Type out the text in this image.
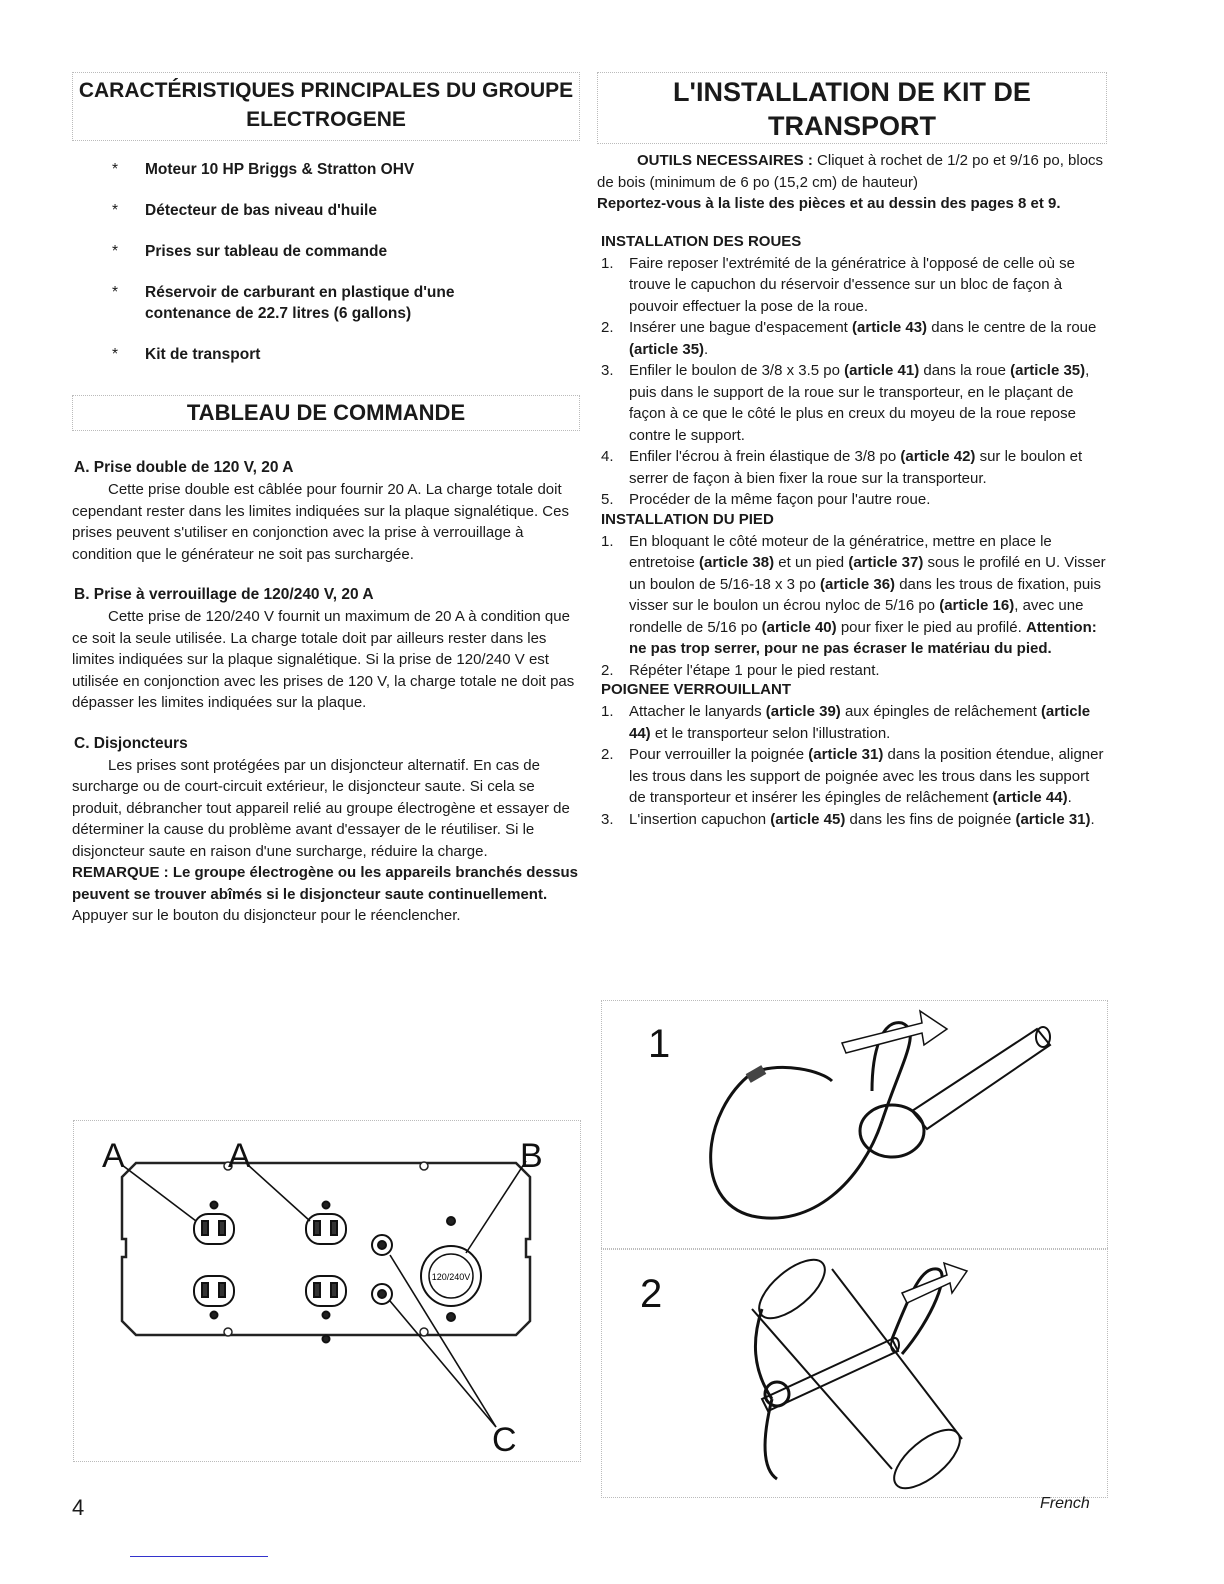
CARACTÉRISTIQUES PRINCIPALES DU GROUPE ELECTROGENE
* Moteur 10 HP Briggs & Stratton OHV
* Détecteur de bas niveau d'huile
* Prises sur tableau de commande
* Réservoir de carburant en plastique d'une contenance de 22.7 litres (6 gallons)
* Kit de transport
TABLEAU DE COMMANDE
A. Prise double de 120 V, 20 A

Cette prise double est câblée pour fournir 20 A. La charge totale doit cependant rester dans les limites indiquées sur la plaque signalétique. Ces prises peuvent s'utiliser en conjonction avec la prise à verrouillage à condition que le générateur ne soit pas surchargée.

B. Prise à verrouillage de 120/240 V, 20 A

Cette prise de 120/240 V fournit un maximum de 20 A à condition que ce soit la seule utilisée. La charge totale doit par ailleurs rester dans les limites indiquées sur la plaque signalétique. Si la prise de 120/240 V est utilisée en conjonction avec les prises de 120 V, la charge totale ne doit pas dépasser les limites indiquées sur la plaque.

C. Disjoncteurs

Les prises sont protégées par un disjoncteur alternatif. En cas de surcharge ou de court-circuit extérieur, le disjoncteur saute. Si cela se produit, débrancher tout appareil relié au groupe électrogène et essayer de déterminer la cause du problème avant d'essayer de le réutiliser. Si le disjoncteur saute en raison d'une surcharge, réduire la charge.

REMARQUE : Le groupe électrogène ou les appareils branchés dessus peuvent se trouver abîmés si le disjoncteur saute continuellement. Appuyer sur le bouton du disjoncteur pour le réenclencher.

120/240V
A	A	B
C
L'INSTALLATION DE KIT DE
TRANSPORT

OUTILS NECESSAIRES : Cliquet à rochet de 1/2 po et 9/16 po, blocs de bois (minimum de 6 po (15,2 cm) de hauteur)

Reportez-vous à la liste des pièces et au dessin des pages 8 et 9.

INSTALLATION DES ROUES
1. Faire reposer l'extrémité de la génératrice à l'opposé de celle où se trouve le capuchon du réservoir d'essence sur un bloc de façon à pouvoir effectuer la pose de la roue.
2. Insérer une bague d'espacement (article 43) dans le centre de la roue (article 35).
3. Enfiler le boulon de 3/8 x 3.5 po (article 41) dans la roue (article 35), puis dans le support de la roue sur le transporteur, en le plaçant de façon à ce que le côté le plus en creux du moyeu de la roue repose contre le support.
4. Enfiler l'écrou à frein élastique de 3/8 po (article 42) sur le boulon et serrer de façon à bien fixer la roue sur la transporteur.
5. Procéder de la même façon pour l'autre roue.
INSTALLATION DU PIED
1. En bloquant le côté moteur de la génératrice, mettre en place le entretoise (article 38) et un pied (article 37) sous le profilé en U. Visser un boulon de 5/16-18 x 3 po (article 36) dans les trous de fixation, puis visser sur le boulon un écrou nyloc de 5/16 po (article 16), avec une rondelle de 5/16 po (article 40) pour fixer le pied au profilé. Attention: ne pas trop serrer, pour ne pas écraser le matériau du pied.
2. Répéter l'étape 1 pour le pied restant.
POIGNEE VERROUILLANT
1. Attacher le lanyards (article 39) aux épingles de relâchement (article 44) et le transporteur selon l'illustration.
2. Pour verrouiller la poignée (article 31) dans la position étendue, aligner les trous dans les support de poignée avec les trous dans les support de transporteur et insérer les épingles de relâchement (article 44).
3. L'insertion capuchon (article 45) dans les fins de poignée (article 31).
1
2
4	French
